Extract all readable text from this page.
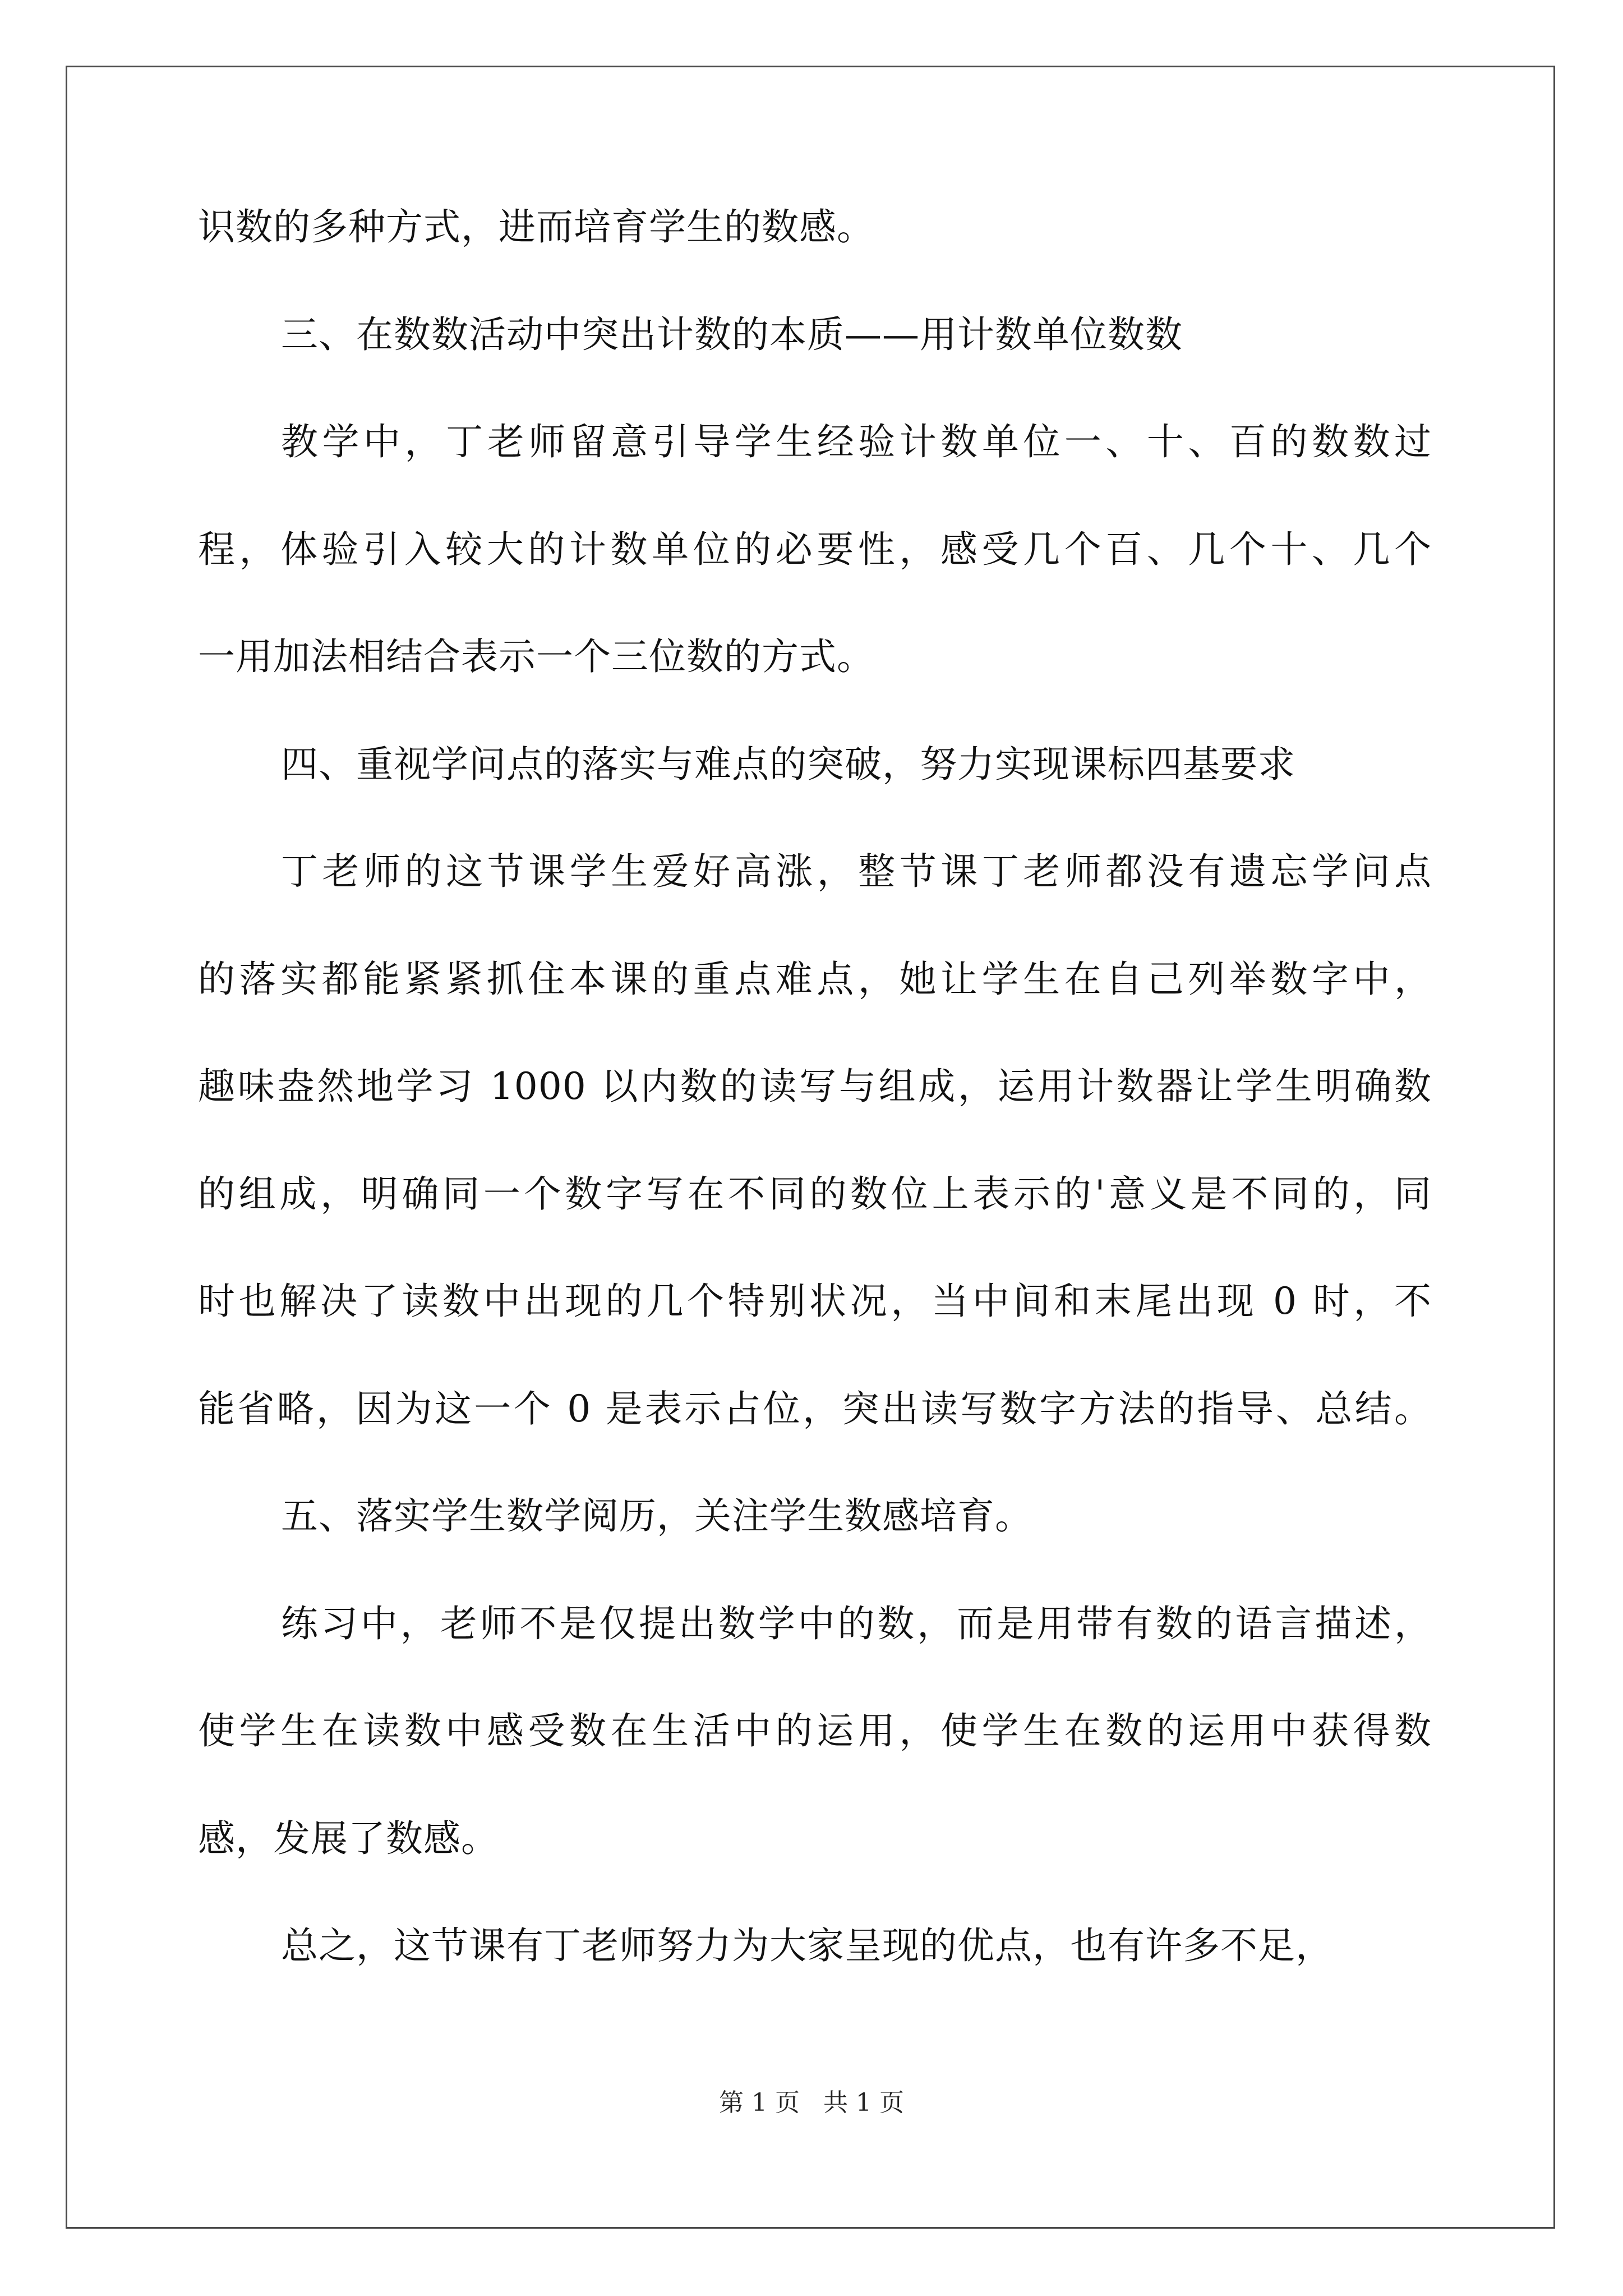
识数的多种方式，进而培育学生的数感。
三、在数数活动中突出计数的本质——用计数单位数数
教学中，丁老师留意引导学生经验计数单位一、十、百的数数过
程，体验引入较大的计数单位的必要性，感受几个百、几个十、几个
一用加法相结合表示一个三位数的方式。
四、重视学问点的落实与难点的突破，努力实现课标四基要求
丁老师的这节课学生爱好高涨，整节课丁老师都没有遗忘学问点
的落实都能紧紧抓住本课的重点难点，她让学生在自己列举数字中，
趣味盎然地学习 1000 以内数的读写与组成，运用计数器让学生明确数
的组成，明确同一个数字写在不同的数位上表示的'意义是不同的，同
时也解决了读数中出现的几个特别状况，当中间和末尾出现 0 时，不
能省略，因为这一个 0 是表示占位，突出读写数字方法的指导、总结。
五、落实学生数学阅历，关注学生数感培育。
练习中，老师不是仅提出数学中的数，而是用带有数的语言描述，
使学生在读数中感受数在生活中的运用，使学生在数的运用中获得数
感，发展了数感。
总之，这节课有丁老师努力为大家呈现的优点，也有许多不足，
第 1 页   共 1 页
